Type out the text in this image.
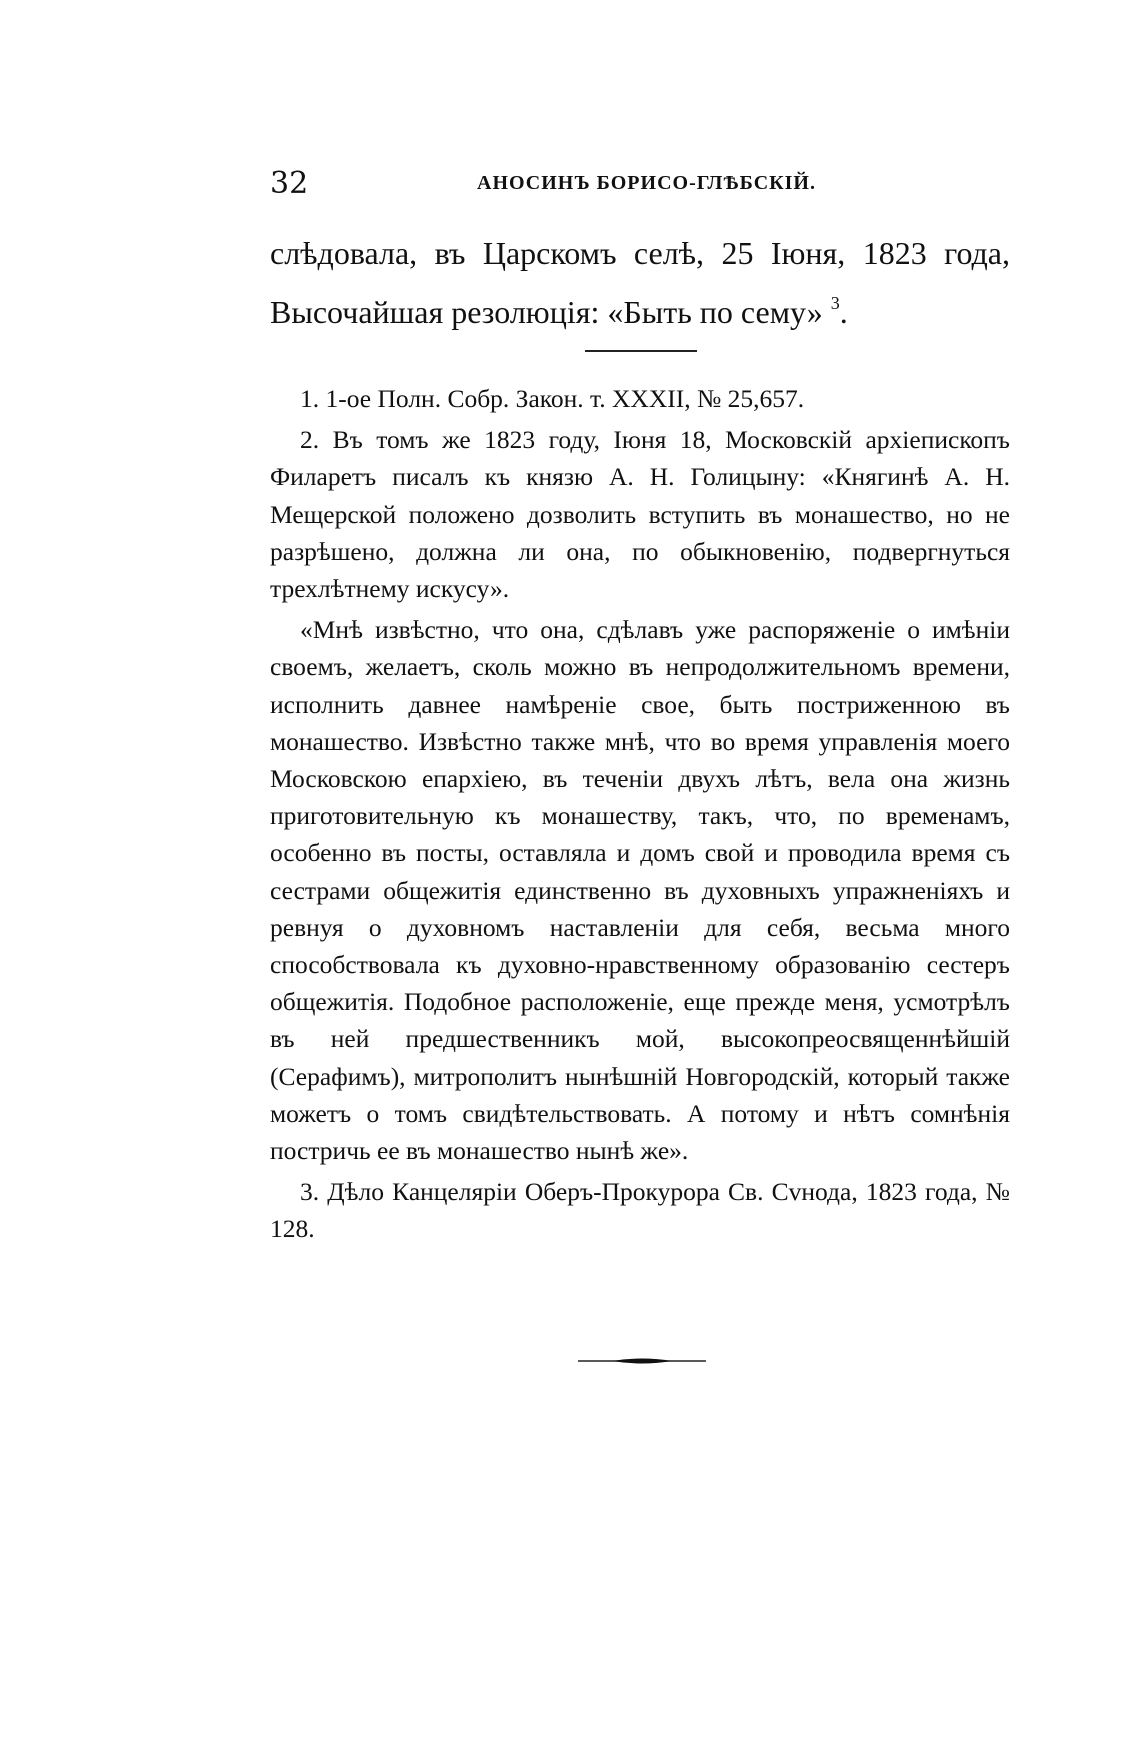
32	АНОСИНЪ БОРИСО-ГЛѢБСКІЙ.

слѣдовала, въ Царскомъ селѣ, 25 Іюня, 1823 года, Высочайшая резолюція: «Быть по сему» $^3$.

1. 1-ое Полн. Собр. Закон. т. XXXII, № 25,657.

2. Въ томъ же 1823 году, Іюня 18, Московскій архіепископъ Филаретъ писалъ къ князю А. Н. Голицыну: «Княгинѣ А. Н. Мещерской положено дозволить вступить въ монашество, но не разрѣшено, должна ли она, по обыкновенію, подвергнуться трехлѣтнему искусу».

«Мнѣ извѣстно, что она, сдѣлавъ уже распоряженіе о имѣніи своемъ, желаетъ, сколь можно въ непродолжительномъ времени, исполнить давнее намѣреніе свое, быть постриженною въ монашество. Извѣстно также мнѣ, что во время управленія моего Московскою епархіею, въ теченіи двухъ лѣтъ, вела она жизнь приготовительную къ монашеству, такъ, что, по временамъ, особенно въ посты, оставляла и домъ свой и проводила время съ сестрами общежитія единственно въ духовныхъ упражненіяхъ и ревнуя о духовномъ наставленіи для себя, весьма много способствовала къ духовно-нравственному образованію сестеръ общежитія. Подобное расположеніе, еще прежде меня, усмотрѣлъ въ ней предшественникъ мой, высокопреосвященнѣйшій (Серафимъ), митрополитъ нынѣшній Новгородскій, который также можетъ о томъ свидѣтельствовать. А потому и нѣтъ сомнѣнія постричь ее въ монашество нынѣ же».

3. Дѣло Канцеляріи Оберъ-Прокурора Св. Сvнода, 1823 года, № 128.
